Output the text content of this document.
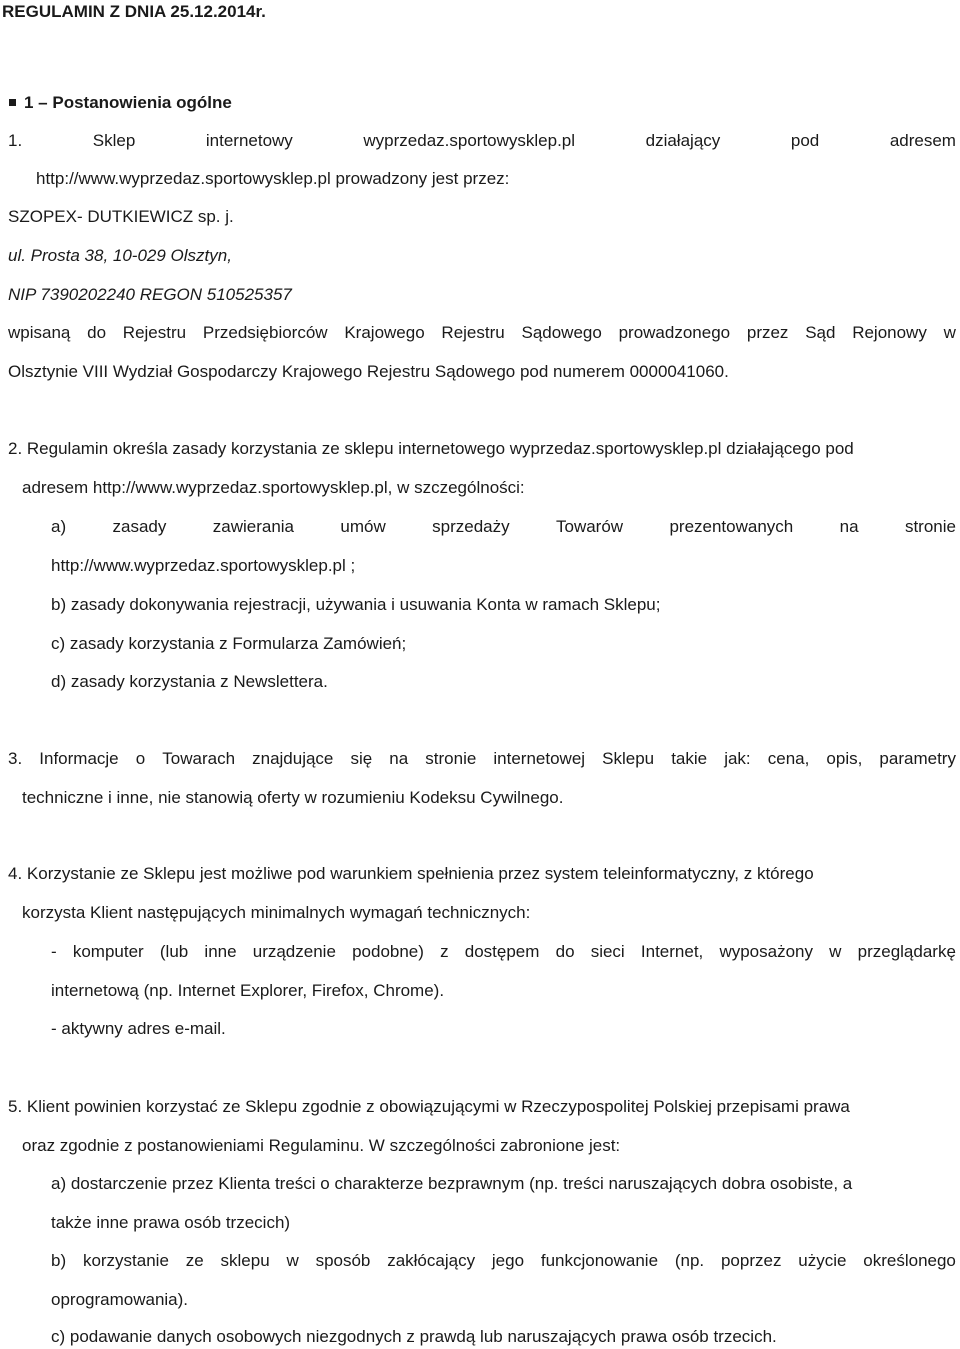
REGULAMIN Z DNIA 25.12.2014r.
1 – Postanowienia ogólne
1.	Sklep	internetowy	wyprzedaz.sportowysklep.pl	działający	pod	adresem
http://www.wyprzedaz.sportowysklep.pl prowadzony jest przez:
SZOPEX- DUTKIEWICZ sp. j.
ul. Prosta 38, 10-029 Olsztyn,
NIP 7390202240 REGON 510525357
wpisaną do Rejestru Przedsiębiorców Krajowego Rejestru Sądowego prowadzonego przez Sąd Rejonowy w
Olsztynie VIII Wydział Gospodarczy Krajowego Rejestru Sądowego pod numerem 0000041060.
2. Regulamin określa zasady korzystania ze sklepu internetowego wyprzedaz.sportowysklep.pl działającego pod
adresem http://www.wyprzedaz.sportowysklep.pl, w szczególności:
a)	zasady	zawierania	umów	sprzedaży	Towarów	prezentowanych	na	stronie
http://www.wyprzedaz.sportowysklep.pl ;
b) zasady dokonywania rejestracji, używania i usuwania Konta w ramach Sklepu;
c) zasady korzystania z Formularza Zamówień;
d) zasady korzystania z Newslettera.
3. Informacje o Towarach znajdujące się na stronie internetowej Sklepu takie jak: cena, opis, parametry
techniczne i inne, nie stanowią oferty w rozumieniu Kodeksu Cywilnego.
4. Korzystanie ze Sklepu jest możliwe pod warunkiem spełnienia przez system teleinformatyczny, z którego
korzysta Klient następujących minimalnych wymagań technicznych:
- komputer (lub inne urządzenie podobne) z dostępem do sieci Internet, wyposażony w przeglądarkę
internetową (np. Internet Explorer, Firefox, Chrome).
- aktywny adres e-mail.
5. Klient powinien korzystać ze Sklepu zgodnie z obowiązującymi w Rzeczypospolitej Polskiej przepisami prawa
oraz zgodnie z postanowieniami Regulaminu. W szczególności zabronione jest:
a) dostarczenie przez Klienta treści o charakterze bezprawnym (np. treści naruszających dobra osobiste, a
także inne prawa osób trzecich)
b) korzystanie ze sklepu w sposób zakłócający jego funkcjonowanie (np. poprzez użycie określonego
oprogramowania).
c) podawanie danych osobowych niezgodnych z prawdą lub naruszających prawa osób trzecich.
